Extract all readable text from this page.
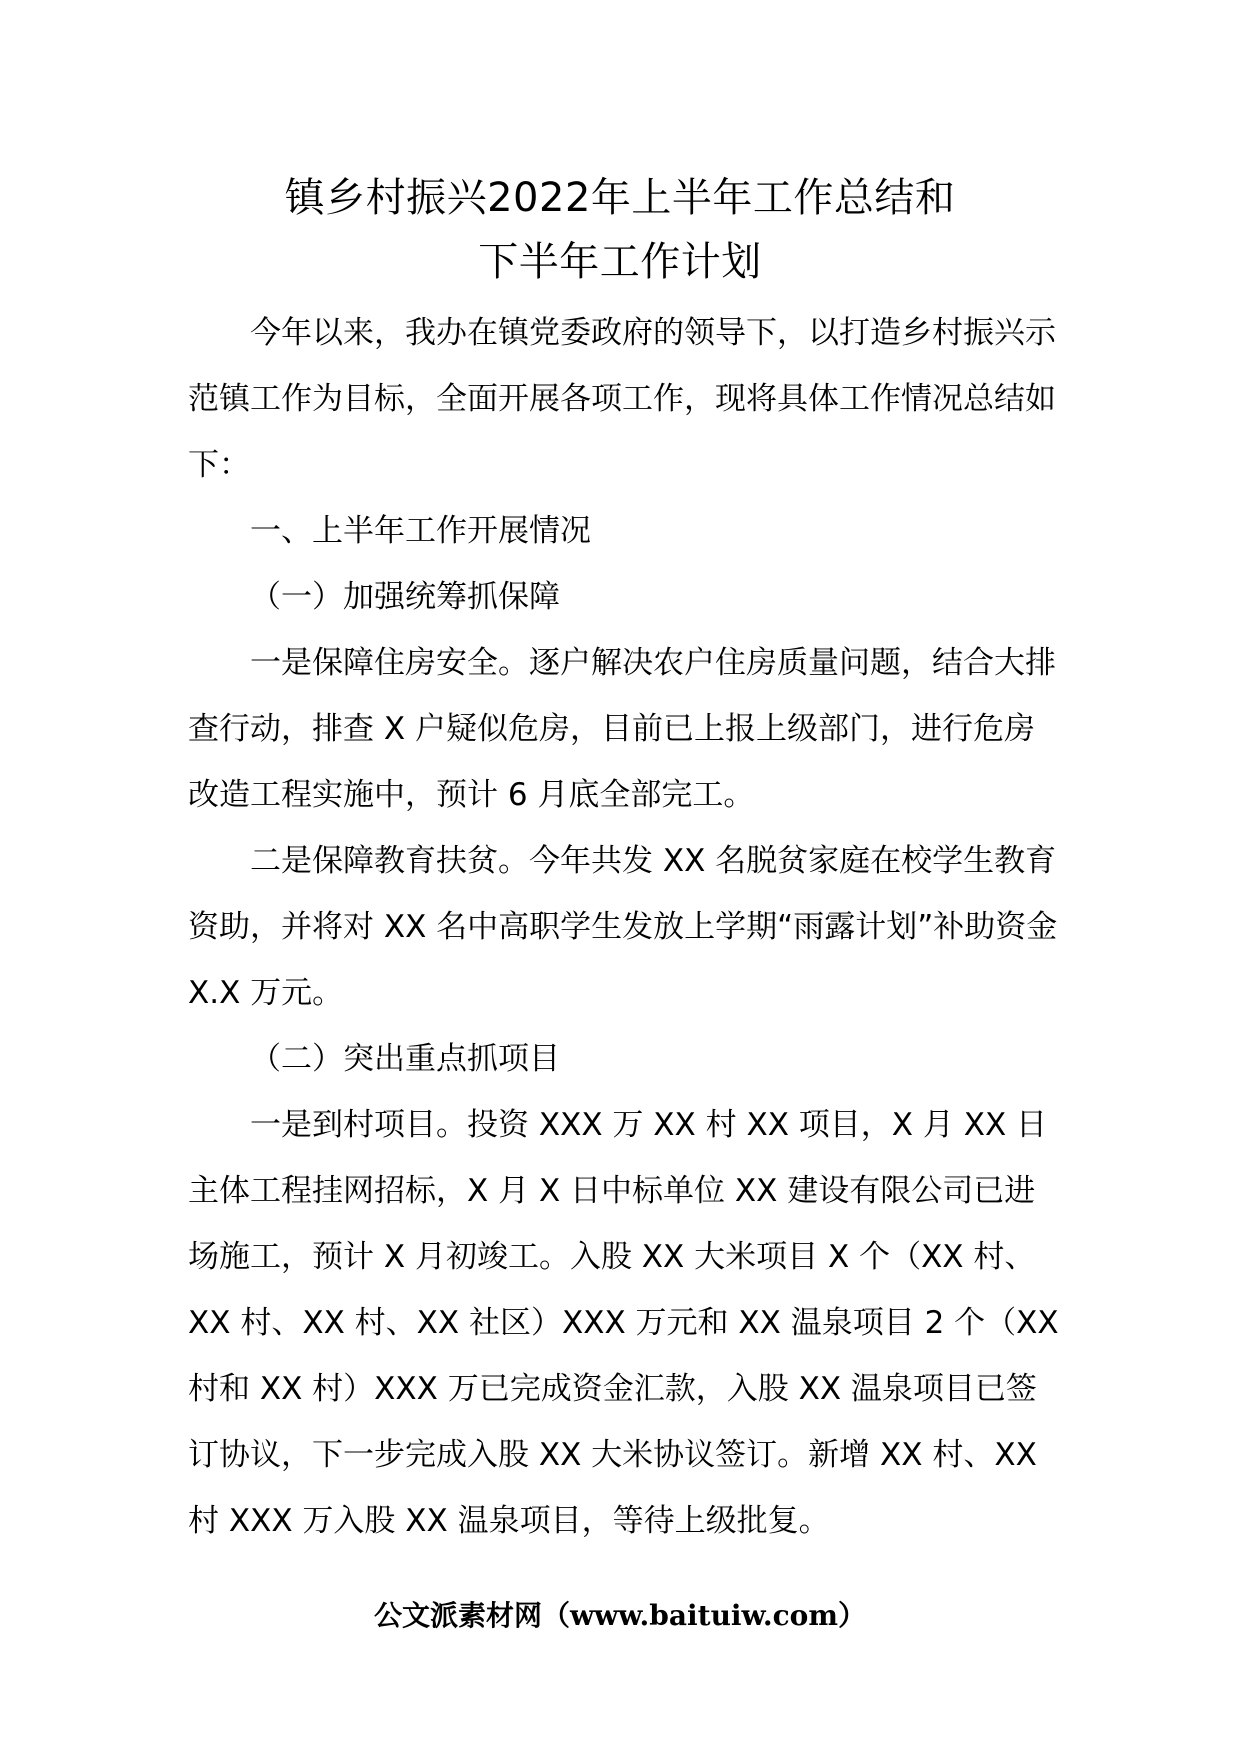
镇乡村振兴2022年上半年工作总结和
下半年工作计划

今年以来，我办在镇党委政府的领导下，以打造乡村振兴示范镇工作为目标，全面开展各项工作，现将具体工作情况总结如下：

一、上半年工作开展情况

（一）加强统筹抓保障

一是保障住房安全。逐户解决农户住房质量问题，结合大排查行动，排查 X 户疑似危房，目前已上报上级部门，进行危房改造工程实施中，预计 6 月底全部完工。

二是保障教育扶贫。今年共发 XX 名脱贫家庭在校学生教育资助，并将对 XX 名中高职学生发放上学期“雨露计划”补助资金 X.X 万元。

（二）突出重点抓项目

一是到村项目。投资 XXX 万 XX 村 XX 项目，X 月 XX 日主体工程挂网招标，X 月 X 日中标单位 XX 建设有限公司已进场施工，预计 X 月初竣工。入股 XX 大米项目 X 个（XX 村、XX 村、XX 村、XX 社区）XXX 万元和 XX 温泉项目 2 个（XX 村和 XX 村）XXX 万已完成资金汇款，入股 XX 温泉项目已签订协议，下一步完成入股 XX 大米协议签订。新增 XX 村、XX 村 XXX 万入股 XX 温泉项目，等待上级批复。

公文派素材网（www.baituiw.com）
